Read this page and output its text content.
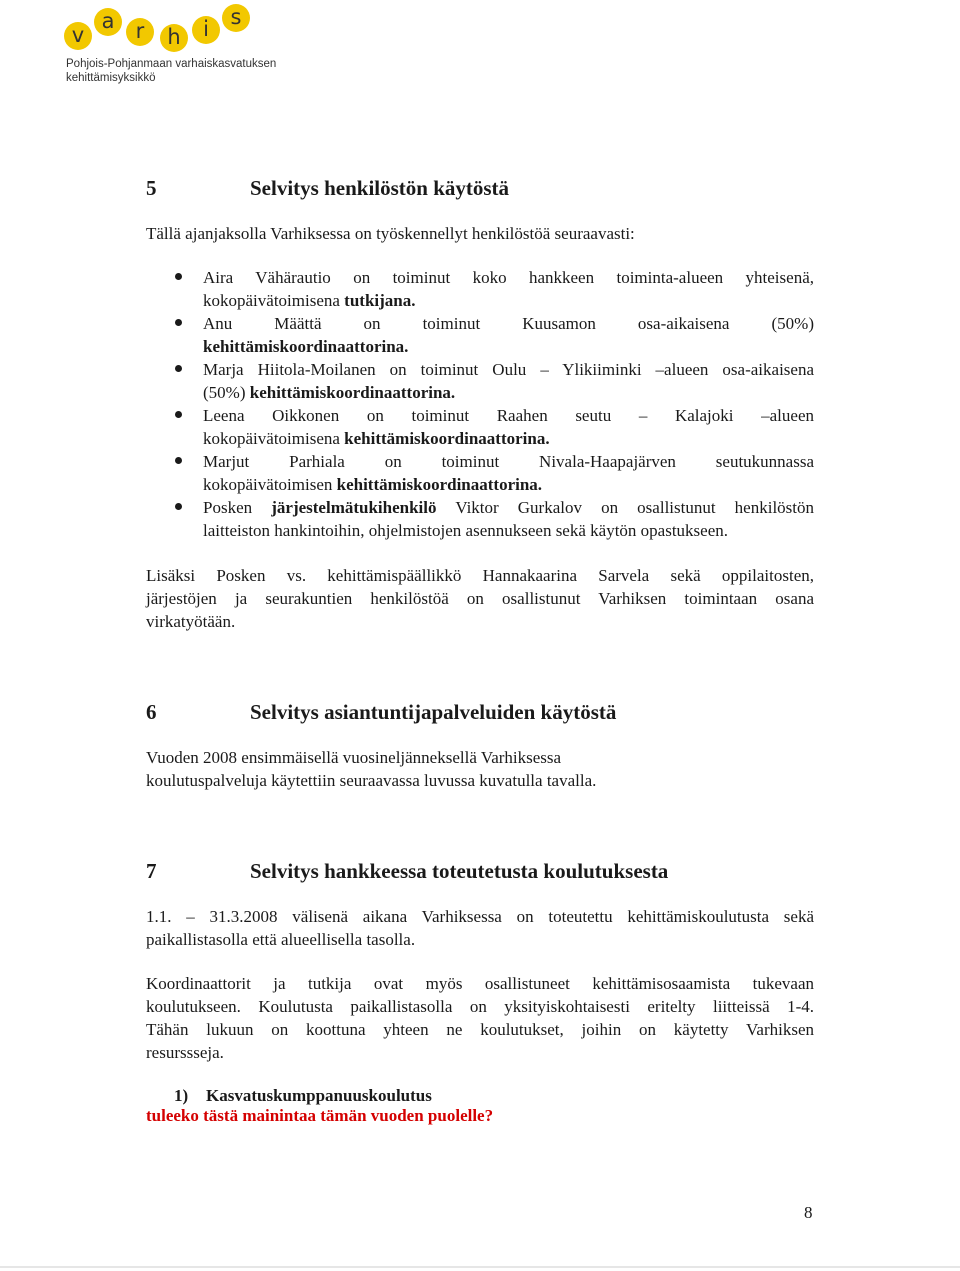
v
a	r	h	i	s
Pohjois-Pohjanmaan varhaiskasvatuksen
kehittämisyksikkö
5	Selvitys henkilöstön käytöstä
Tällä ajanjaksolla Varhiksessa on työskennellyt henkilöstöä seuraavasti:
Aira Vähärautio on toiminut koko hankkeen toiminta-alueen yhteisenä,
kokopäivätoimisena tutkijana.
Anu Määttä on toiminut Kuusamon osa-aikaisena (50%)
kehittämiskoordinaattorina.
Marja Hiitola-Moilanen on toiminut Oulu – Ylikiiminki –alueen osa-aikaisena
(50%) kehittämiskoordinaattorina.
Leena Oikkonen on toiminut Raahen seutu – Kalajoki –alueen
kokopäivätoimisena kehittämiskoordinaattorina.
Marjut Parhiala on toiminut Nivala-Haapajärven seutukunnassa
kokopäivätoimisen kehittämiskoordinaattorina.
Posken järjestelmätukihenkilö Viktor Gurkalov on osallistunut henkilöstön
laitteiston hankintoihin, ohjelmistojen asennukseen sekä käytön opastukseen.
Lisäksi Posken vs. kehittämispäällikkö Hannakaarina Sarvela sekä oppilaitosten,
järjestöjen ja seurakuntien henkilöstöä on osallistunut Varhiksen toimintaan osana
virkatyötään.
6	Selvitys asiantuntijapalveluiden käytöstä
Vuoden 2008 ensimmäisellä vuosineljänneksellä Varhiksessa
koulutuspalveluja käytettiin seuraavassa luvussa kuvatulla tavalla.
7	Selvitys hankkeessa toteutetusta koulutuksesta
1.1. – 31.3.2008 välisenä aikana Varhiksessa on toteutettu kehittämiskoulutusta sekä
paikallistasolla että alueellisella tasolla.
Koordinaattorit ja tutkija ovat myös osallistuneet kehittämisosaamista tukevaan
koulutukseen. Koulutusta paikallistasolla on yksityiskohtaisesti eritelty liitteissä 1-4.
Tähän lukuun on koottuna yhteen ne koulutukset, joihin on käytetty Varhiksen
resurssseja.
1) Kasvatuskumppanuuskoulutus
tuleeko tästä mainintaa tämän vuoden puolelle?
8
